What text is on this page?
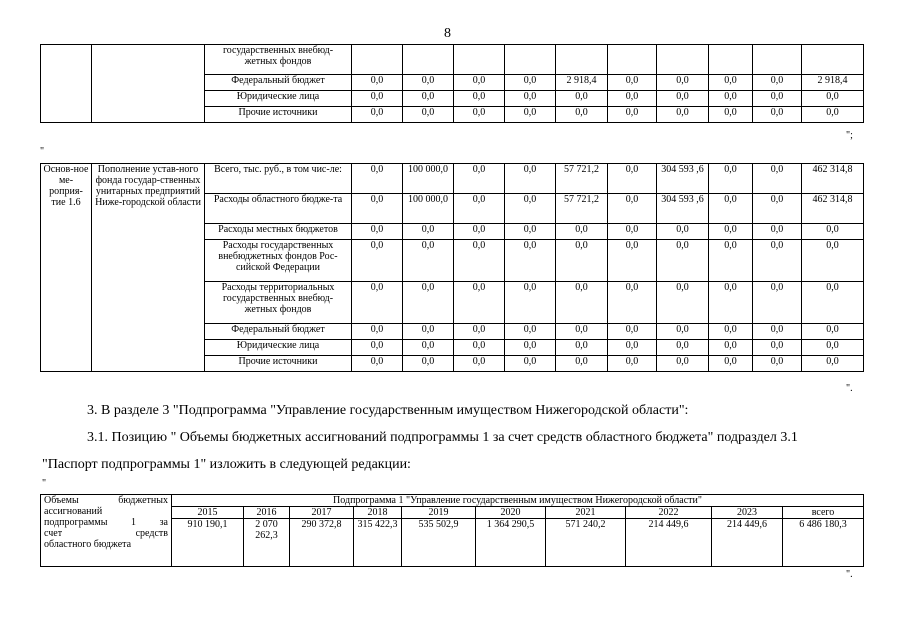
8
		государственных внебюд-жетных фондов										
		Федеральный бюджет	0,0	0,0	0,0	0,0	2 918,4	0,0	0,0	0,0	0,0	2 918,4
		Юридические лица	0,0	0,0	0,0	0,0	0,0	0,0	0,0	0,0	0,0	0,0
		Прочие источники	0,0	0,0	0,0	0,0	0,0	0,0	0,0	0,0	0,0	0,0
";
"
Основ-ное ме-роприя-тие 1.6	Пополнение устав-ного фонда государ-ственных унитарных предприятий Ниже-городской области	Всего, тыс. руб., в том чис-ле:	0,0	100 000,0	0,0	0,0	57 721,2	0,0	304 593 ,6	0,0	0,0	462 314,8
		Расходы областного бюдже-та	0,0	100 000,0	0,0	0,0	57 721,2	0,0	304 593 ,6	0,0	0,0	462 314,8
		Расходы местных бюджетов	0,0	0,0	0,0	0,0	0,0	0,0	0,0	0,0	0,0	0,0
		Расходы государственных внебюджетных фондов Рос-сийской Федерации	0,0	0,0	0,0	0,0	0,0	0,0	0,0	0,0	0,0	0,0
		Расходы территориальных государственных внебюд-жетных фондов	0,0	0,0	0,0	0,0	0,0	0,0	0,0	0,0	0,0	0,0
		Федеральный бюджет	0,0	0,0	0,0	0,0	0,0	0,0	0,0	0,0	0,0	0,0
		Юридические лица	0,0	0,0	0,0	0,0	0,0	0,0	0,0	0,0	0,0	0,0
		Прочие источники	0,0	0,0	0,0	0,0	0,0	0,0	0,0	0,0	0,0	0,0
".
3. В разделе 3 "Подпрограмма "Управление государственным имуществом Нижегородской области":
3.1. Позицию " Объемы бюджетных ассигнований подпрограммы 1 за счет средств областного бюджета" подраздел 3.1
"Паспорт подпрограммы 1" изложить в следующей редакции:
"
Объемы бюджетных
ассигнований
подпрограммы 1 за
счет средств
областного бюджета	Подпрограмма 1 "Управление государственным имуществом Нижегородской области"									
	2015	2016	2017	2018	2019	2020	2021	2022	2023	всего
	910 190,1	2 070 262,3	290 372,8	315 422,3	535 502,9	1 364 290,5	571 240,2	214 449,6	214 449,6	6 486 180,3
".
